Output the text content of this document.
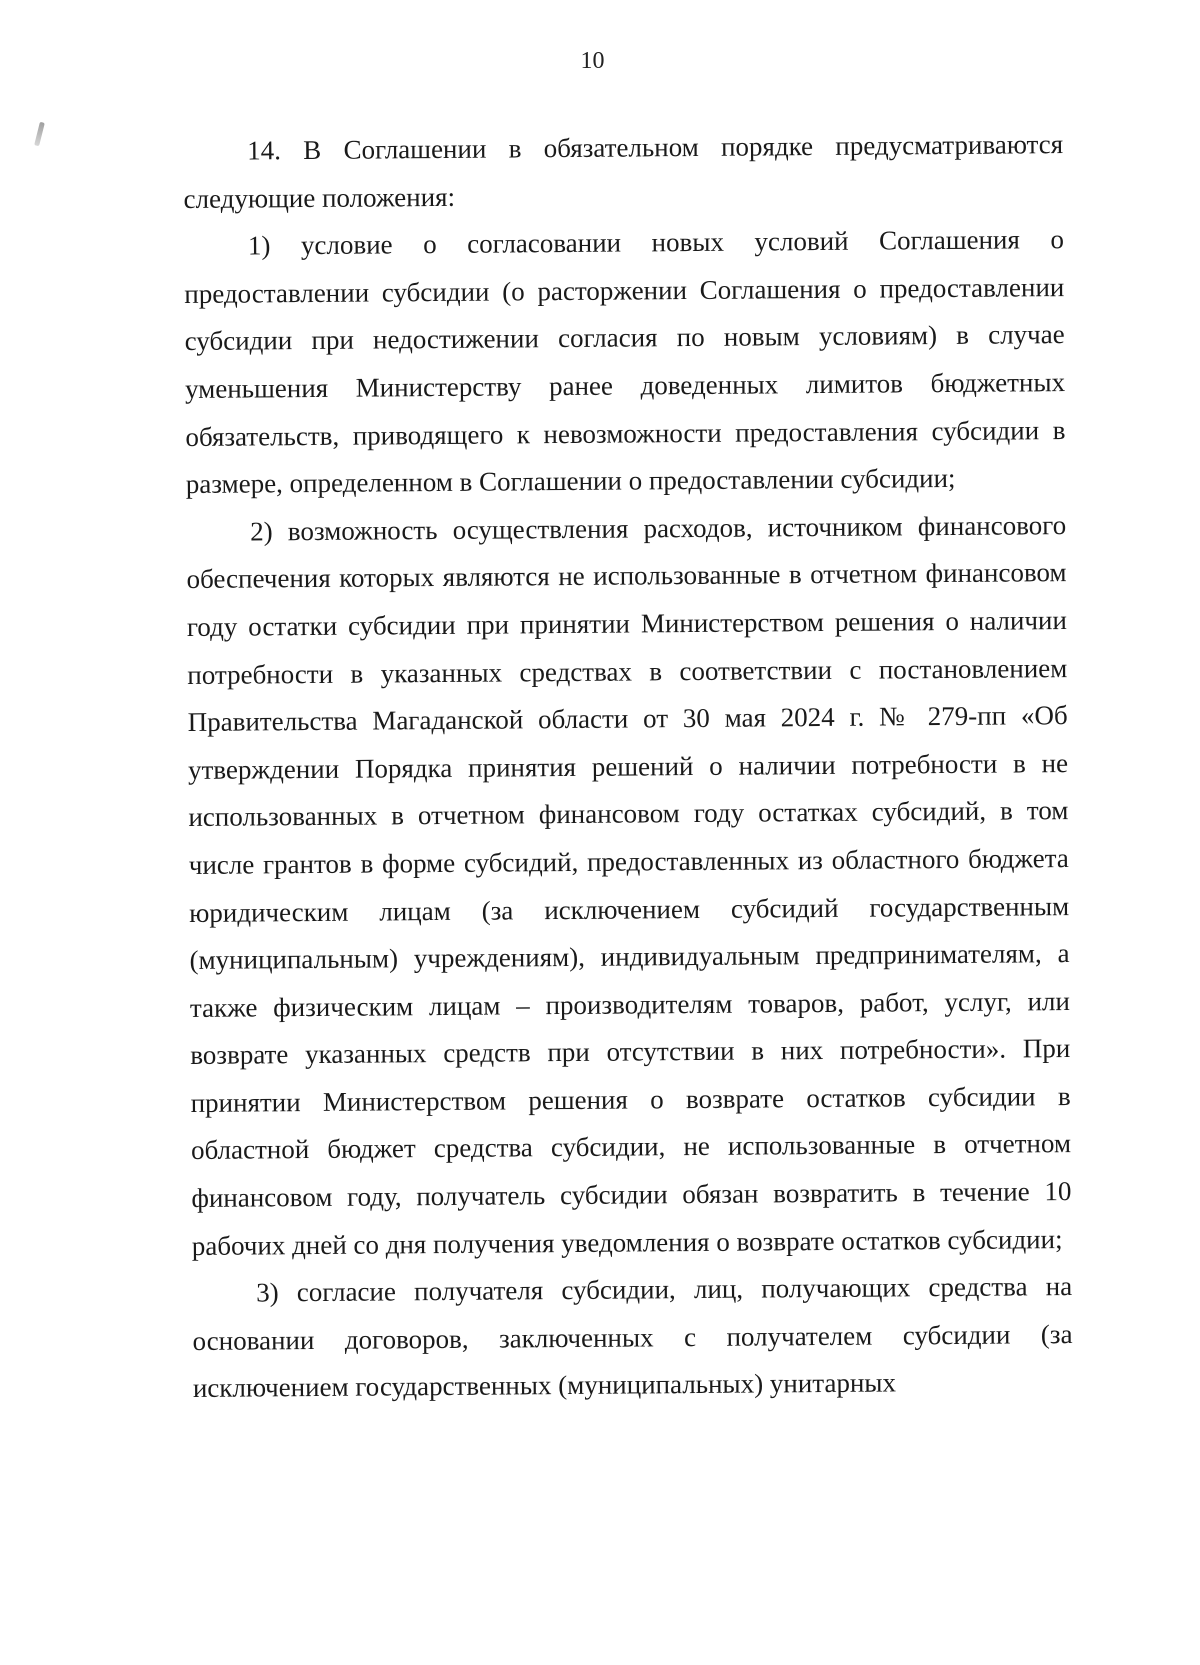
10

14. В Соглашении в обязательном порядке предусматриваются следующие положения:

1) условие о согласовании новых условий Соглашения о предоставлении субсидии (о расторжении Соглашения о предоставлении субсидии при недостижении согласия по новым условиям) в случае уменьшения Министерству ранее доведенных лимитов бюджетных обязательств, приводящего к невозможности предоставления субсидии в размере, определенном в Соглашении о предоставлении субсидии;

2) возможность осуществления расходов, источником финансового обеспечения которых являются не использованные в отчетном финансовом году остатки субсидии при принятии Министерством решения о наличии потребности в указанных средствах в соответствии с постановлением Правительства Магаданской области от 30 мая 2024 г. № 279-пп «Об утверждении Порядка принятия решений о наличии потребности в не использованных в отчетном финансовом году остатках субсидий, в том числе грантов в форме субсидий, предоставленных из областного бюджета юридическим лицам (за исключением субсидий государственным (муниципальным) учреждениям), индивидуальным предпринимателям, а также физическим лицам – производителям товаров, работ, услуг, или возврате указанных средств при отсутствии в них потребности». При принятии Министерством решения о возврате остатков субсидии в областной бюджет средства субсидии, не использованные в отчетном финансовом году, получатель субсидии обязан возвратить в течение 10 рабочих дней со дня получения уведомления о возврате остатков субсидии;

3) согласие получателя субсидии, лиц, получающих средства на основании договоров, заключенных с получателем субсидии (за исключением государственных (муниципальных) унитарных
